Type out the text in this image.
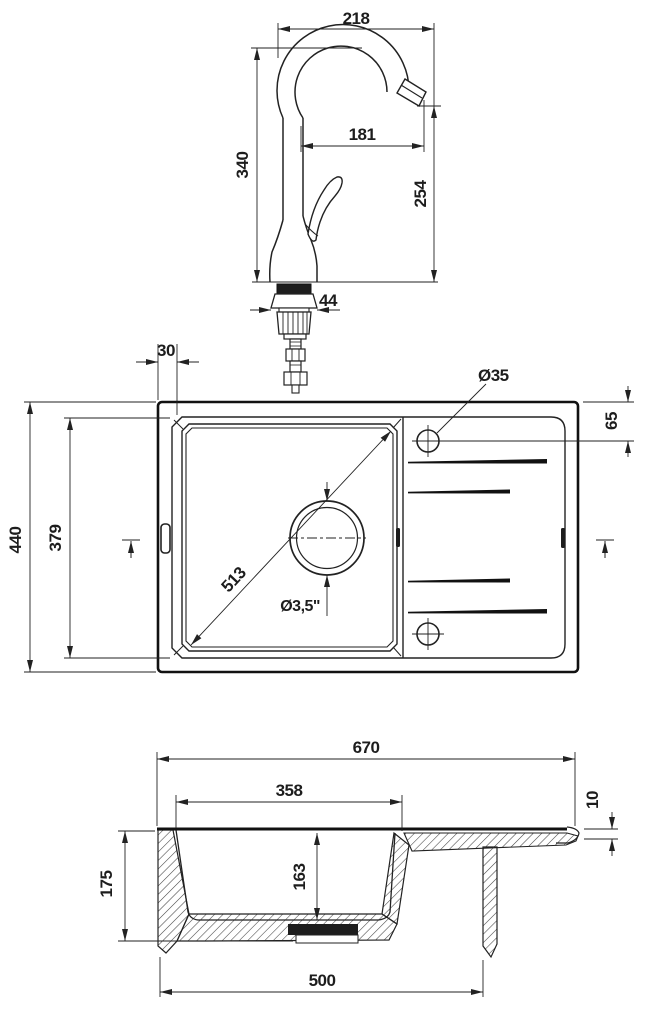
218
340
181
254
44
513
Ø3,5"
Ø35
65
30
440 379
670
358	10
175	163
500
